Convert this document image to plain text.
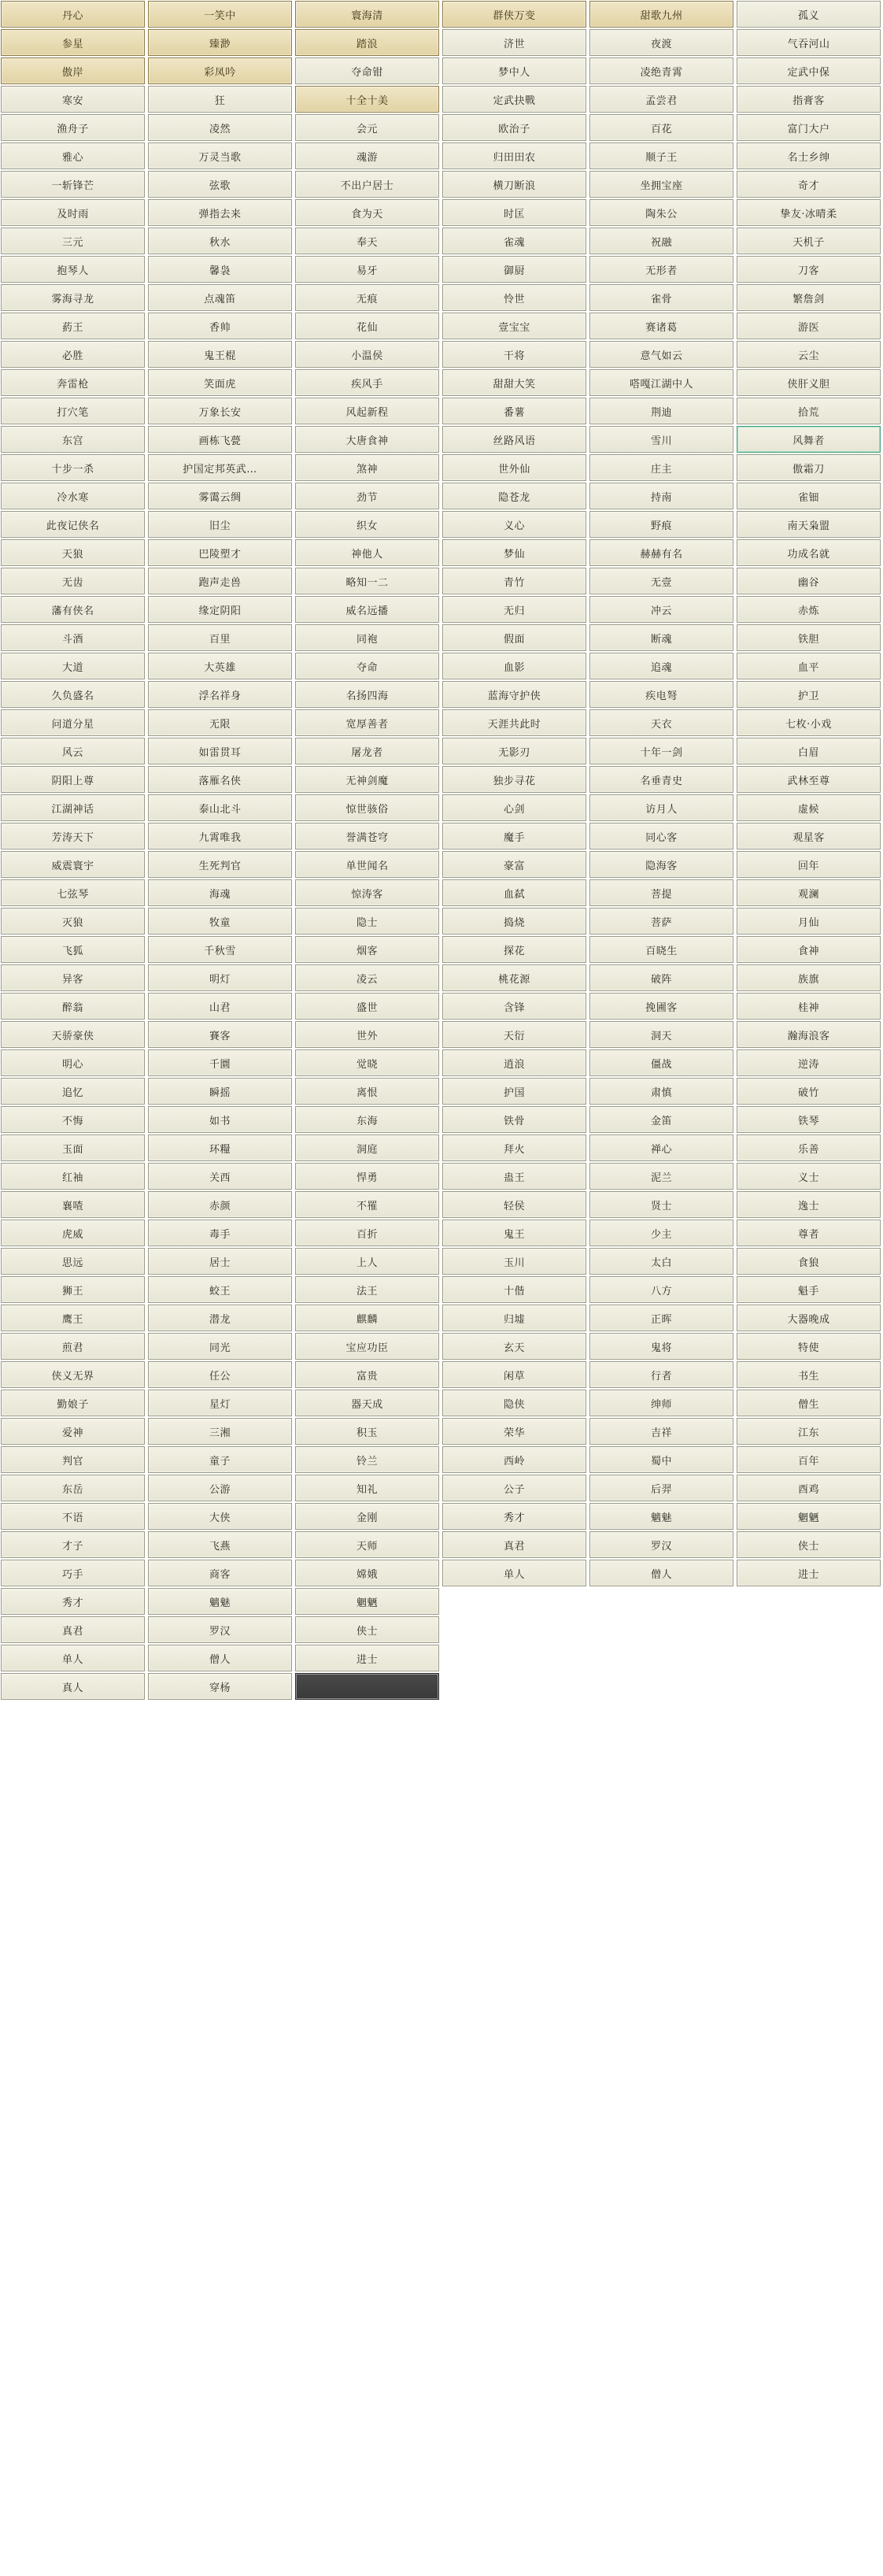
丹心	一笑中	寰海清	群侠万变	甜歌九州	孤义
参星	臻渺	踏浪	济世	夜渡	气吞河山
傲岸	彩凤吟	夺命钳	梦中人	凌绝青霄	定武中保
寒安	狂	十全十美	定武抉戰	孟尝君	指膏客
渔舟子	凌然	会元	欧治子	百花	富门大户
雅心	万灵当歌	魂游	归田田农	顺子王	名士乡绅
一斩锋芒	弦歌	不出户居士	横刀断浪	坐拥宝座	奇才
及时雨	弹指去来	食为天	时匡	陶朱公	挚友·冰晴柔
三元	秋水	奉天	雀魂	祝融	天机子
抱琴人	馨袅	易牙	御厨	无形者	刀客
雾海寻龙	点魂笛	无痕	怜世	雀骨	繁詹剑
葯王	香帅	花仙	壹宝宝	赛诸葛	游医
必胜	鬼王棍	小温侯	干将	意气如云	云尘
奔雷枪	笑面虎	疾风手	甜甜大笑	嗒嘎江湖中人	侠肝义胆
打穴笔	万象长安	风起新程	番薯	荆迪	拾荒
东宫	画栋飞甍	大唐食神	丝路风语	雪川	风舞者
十步一杀	护国定邦英武…	煞神	世外仙	庄主	傲霜刀
冷水寒	雾霭云绸	劲节	隐苍龙	持南	雀钿
此夜记侠名	旧尘	织女	义心	野痕	南天枭盟
天狼	巴陵塑才	神他人	梦仙	赫赫有名	功成名就
无齿	跑声走兽	略知一二	青竹	无壹	幽谷
藩有侠名	缘定阴阳	威名远播	无归	冲云	赤炼
斗酒	百里	同袍	假面	断魂	铁胆
大道	大英雄	夺命	血影	追魂	血平
久负盛名	浮名祥身	名扬四海	蓝海守护侠	疾电弩	护卫
问道分星	无限	宽厚善者	天涯共此时	天衣	七枚·小戏
风云	如雷贯耳	屠龙者	无影刃	十年一剑	白眉
阴阳上尊	落雁名侠	无神剑魔	独步寻花	名垂青史	武林至尊
江湖神话	泰山北斗	惊世骇俗	心剑	访月人	虚候
芳涛天下	九霄唯我	誉满苍穹	魔手	同心客	观星客
威震寰宇	生死判官	单世闻名	豪富	隐海客	回年
七弦琴	海魂	惊涛客	血弑	菩提	观澜
灭狼	牧童	隐士	捣烧	菩萨	月仙
飞狐	千秋雪	烟客	探花	百晓生	食神
异客	明灯	凌云	桃花源	破阵	族旗
醉翁	山君	盛世	含锋	挽圃客	桂神
天骄豪侠	賽客	世外	天衍	洞天	瀚海浪客
明心	千圜	觉晓	逍浪	僵战	逆涛
追忆	瞬摇	离恨	护国	肃慎	破竹
不悔	如书	东海	铁骨	金笛	铁琴
玉面	环糧	洞庭	拜火	禅心	乐善
红袖	关西	悍勇	蛊王	泥兰	义士
襄喳	赤颜	不罹	轻侯	贤士	逸士
虎威	毒手	百折	鬼王	少主	尊者
思远	居士	上人	玉川	太白	食狼
狮王	蛟王	法王	十偕	八方	魁手
鹰王	潜龙	麒麟	归墟	正晖	大器晚成
煎君	同光	宝应功臣	玄天	鬼将	特使
侠义无界	任公	富贵	闲草	行者	书生
勤娘子	星灯	器天成	隐侠	绅师	僧生
爱神	三湘	积玉	荣华	吉祥	江东
判官	童子	铃兰	西岭	蜀中	百年
东岳	公游	知礼	公子	后羿	酉鸡
不语	大侠	金刚	秀才	魑魅	魍魉
才子	飞燕	天师	真君	罗汉	侠士
巧手	商客	嫦娥	单人	僧人	进士
秀才	魑魅	魍魉
真君	罗汉	侠士
单人	僧人	进士
真人	穿杨
